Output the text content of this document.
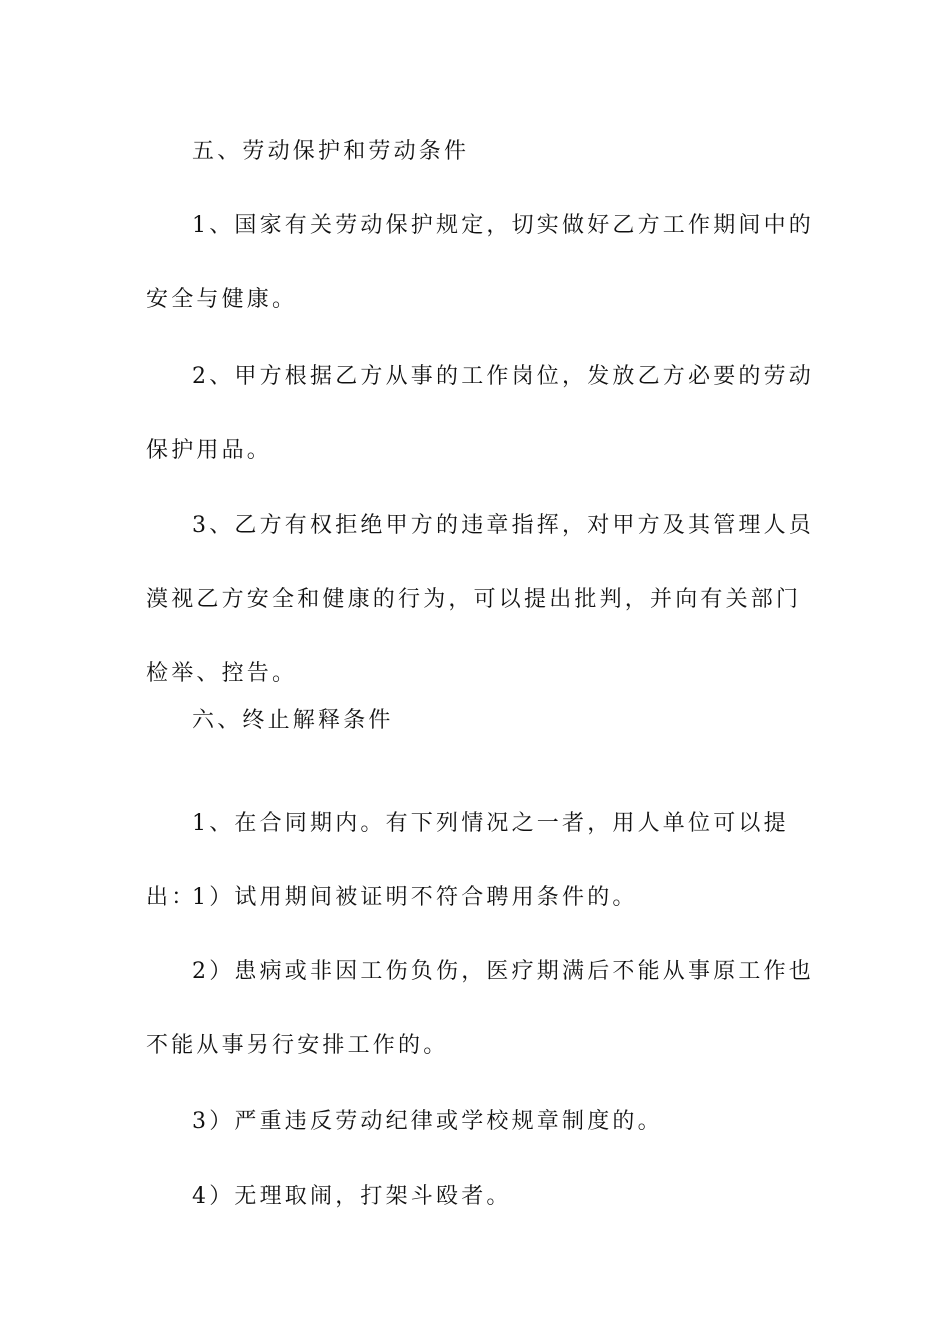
五、劳动保护和劳动条件

1、国家有关劳动保护规定，切实做好乙方工作期间中的安全与健康。

2、甲方根据乙方从事的工作岗位，发放乙方必要的劳动保护用品。

3、乙方有权拒绝甲方的违章指挥，对甲方及其管理人员漠视乙方安全和健康的行为，可以提出批判，并向有关部门检举、控告。

六、终止解释条件

1、在合同期内。有下列情况之一者，用人单位可以提出：

1）试用期间被证明不符合聘用条件的。

2）患病或非因工伤负伤，医疗期满后不能从事原工作也不能从事另行安排工作的。

3）严重违反劳动纪律或学校规章制度的。

4）无理取闹，打架斗殴者。
